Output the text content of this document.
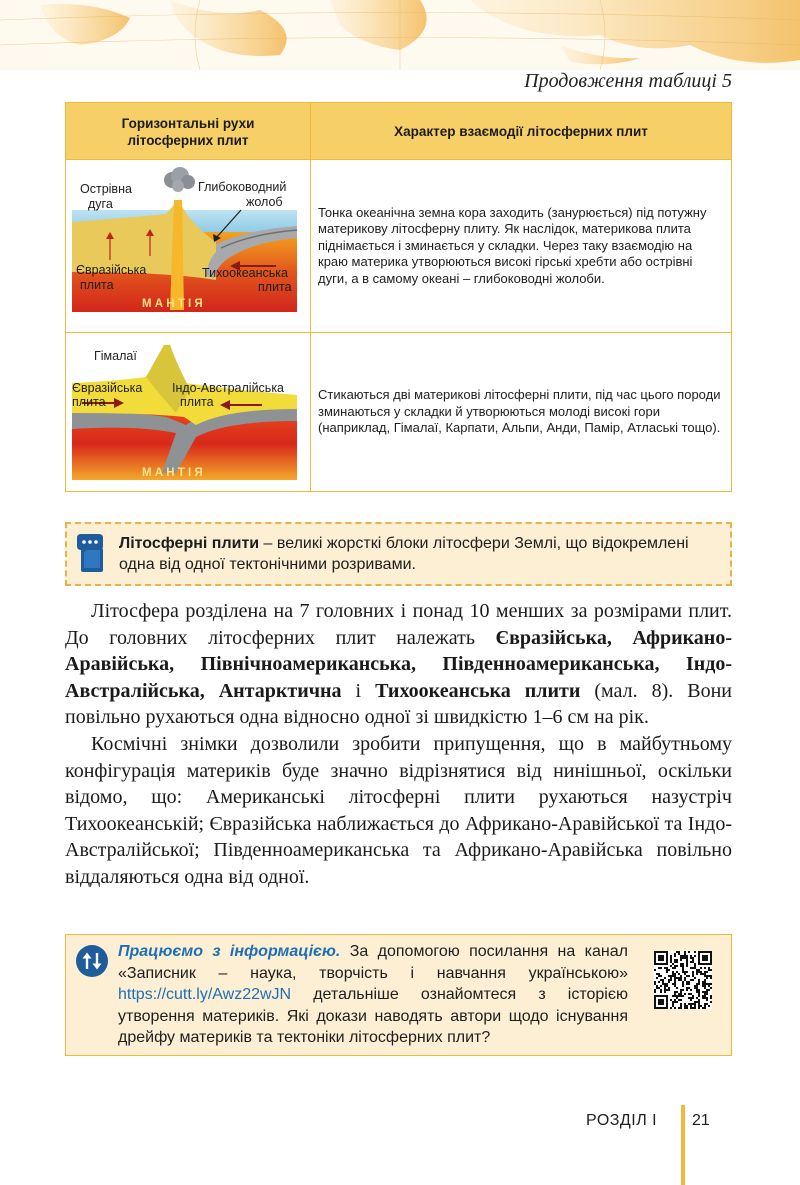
Продовження таблиці 5
Горизонтальні рухи
літосферних плит
Характер взаємодії літосферних плит
Острівна
дуга
Глибоководний
жолоб
Євразійська
плита
Тихоокеанська
плита
М А Н Т І Я
Тонка океанічна земна кора заходить (занурюється) під потужну материкову літосферну плиту. Як наслідок, материкова плита піднімається і зминається у складки. Через таку взаємодію на краю материка утворюються високі гірські хребти або острівні дуги, а в самому океані – глибоководні жолоби.
Гімалаї
Євразійська
плита
Індо-Австралійська
плита
М А Н Т І Я
Стикаються дві материкові літосферні плити, під час цього породи зминаються у складки й утворюються молоді високі гори (наприклад, Гімалаї, Карпати, Альпи, Анди, Памір, Атлаські тощо).
Літосферні плити – великі жорсткі блоки літосфери Землі, що відокремлені одна від одної тектонічними розривами.

Літосфера розділена на 7 головних і понад 10 менших за розмірами плит. До головних літосферних плит належать Євразійська, Африкано-Аравійська, Північноамериканська, Південноамериканська, Індо-Австралійська, Антарктична і Тихоокеанська плити (мал. 8). Вони повільно рухаються одна відносно одної зі швидкістю 1–6 см на рік.

Космічні знімки дозволили зробити припущення, що в майбутньому конфігурація материків буде значно відрізнятися від нинішньої, оскільки відомо, що: Американські літосферні плити рухаються назустріч Тихоокеанській; Євразійська наближається до Африкано-Аравійської та Індо-Австралійської; Південноамериканська та Африкано-Аравійська повільно віддаляються одна від одної.

Працюємо з інформацією. За допомогою посилання на канал «Записник – наука, творчість і навчання українською» https://cutt.ly/Awz22wJN детальніше ознайомтеся з історією утворення материків. Які докази наводять автори щодо існування дрейфу материків та тектоніки літосферних плит?
РОЗДІЛ I 21
